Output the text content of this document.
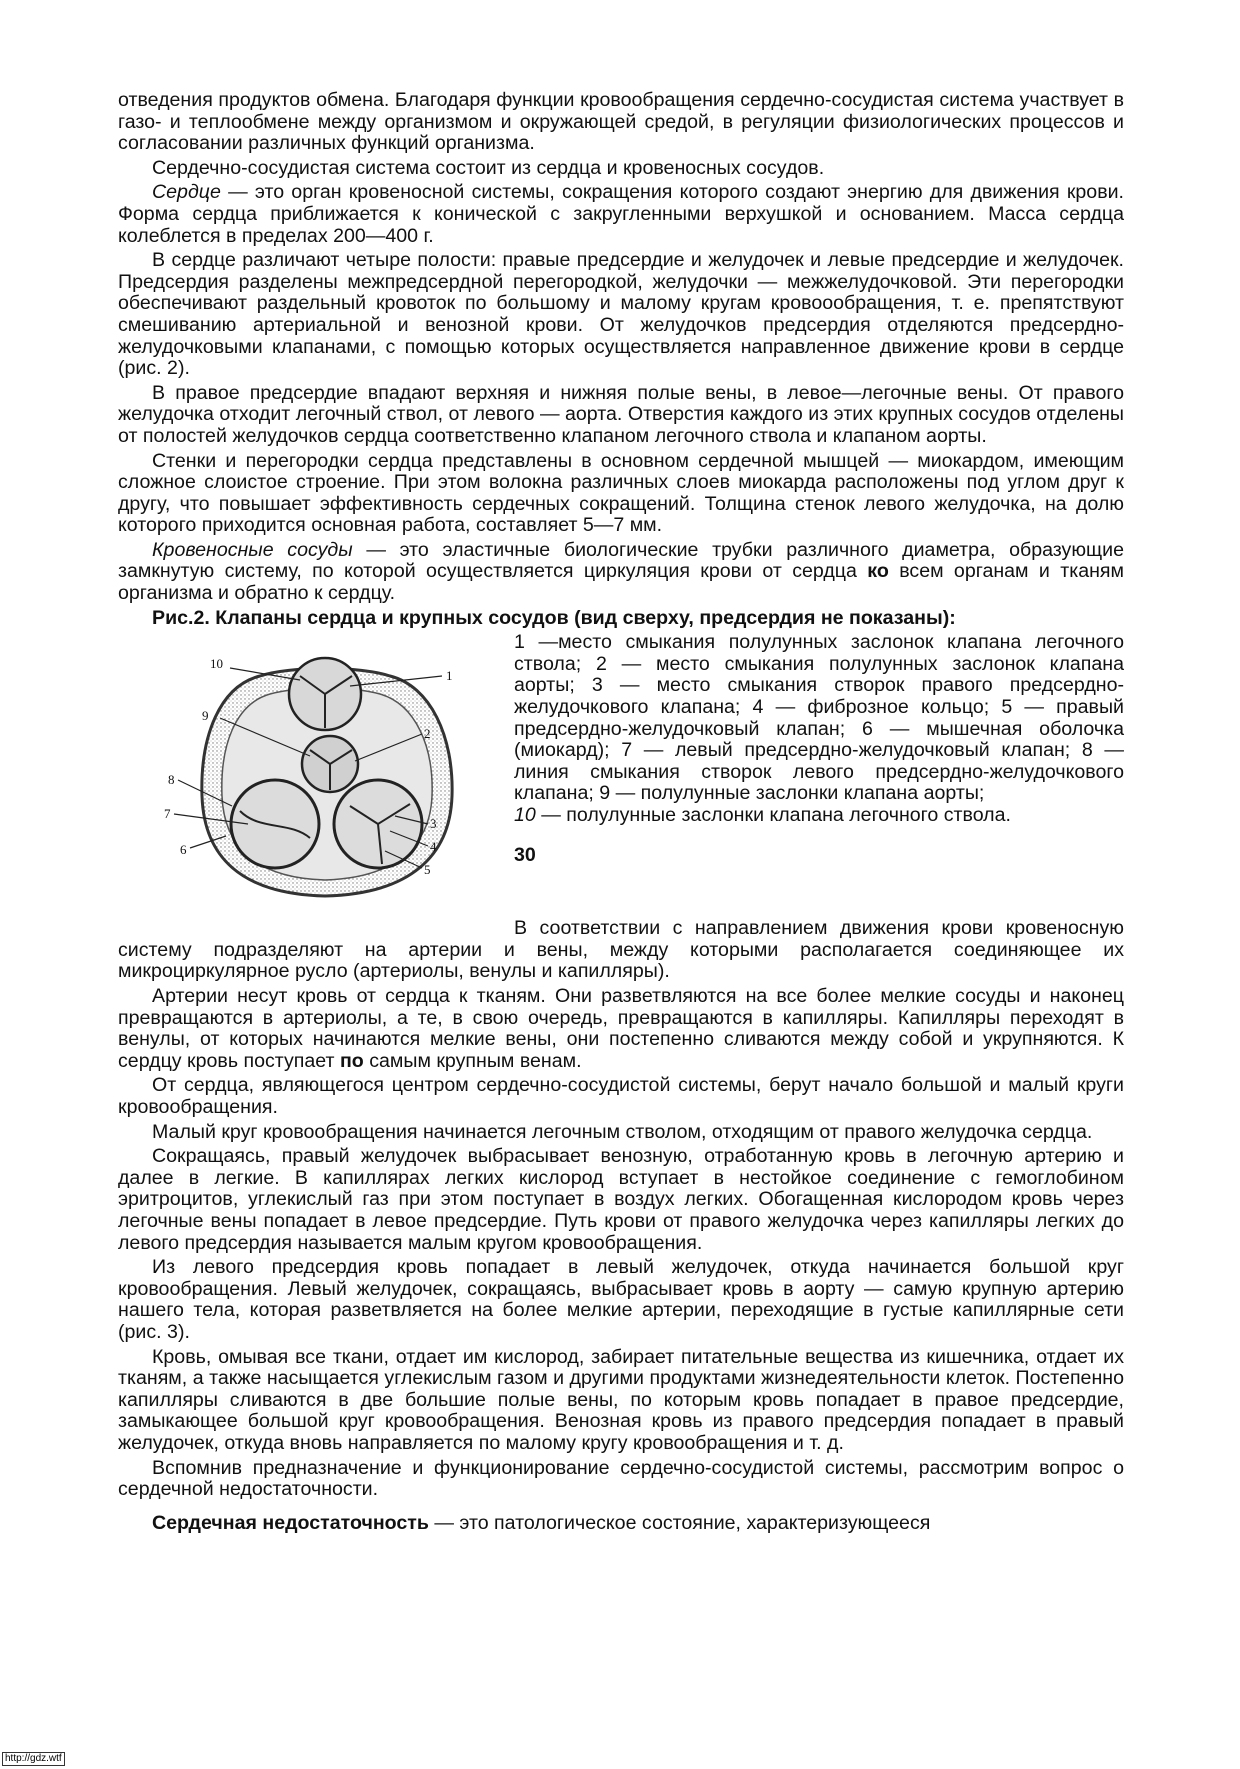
отведения продуктов обмена. Благодаря функции кровообращения сердечно-сосудистая система участвует в газо- и теплообмене между организмом и окружающей средой, в регуляции физиологических процессов и согласовании различных функций организма.

Сердечно-сосудистая система состоит из сердца и кровеносных сосудов.

Сердце — это орган кровеносной системы, сокращения которого создают энергию для движения крови. Форма сердца приближается к конической с закругленными верхушкой и основанием. Масса сердца колеблется в пределах 200—400 г.

В сердце различают четыре полости: правые предсердие и желудочек и левые предсердие и желудочек. Предсердия разделены межпредсердной перегородкой, желудочки — межжелудочковой. Эти перегородки обеспечивают раздельный кровоток по большому и малому кругам кровоообращения, т. е. препятствуют смешиванию артериальной и венозной крови. От желудочков предсердия отделяются предсердно-желудочковыми клапанами, с помощью которых осуществляется направленное движение крови в сердце (рис. 2).

В правое предсердие впадают верхняя и нижняя полые вены, в левое—легочные вены. От правого желудочка отходит легочный ствол, от левого — аорта. Отверстия каждого из этих крупных сосудов отделены от полостей желудочков сердца соответственно клапаном легочного ствола и клапаном аорты.

Стенки и перегородки сердца представлены в основном сердечной мышцей — миокардом, имеющим сложное слоистое строение. При этом волокна различных слоев миокарда расположены под углом друг к другу, что повышает эффективность сердечных сокращений. Толщина стенок левого желудочка, на долю которого приходится основная работа, составляет 5—7 мм.

Кровеносные сосуды — это эластичные биологические трубки различного диаметра, образующие замкнутую систему, по которой осуществляется циркуляция крови от сердца ко всем органам и тканям организма и обратно к сердцу.

Рис.2. Клапаны сердца и крупных сосудов (вид сверху, предсердия не показаны):

10
1
9
2
8
7
3
6	4
5

1 —место смыкания полулунных заслонок клапана легочного ствола; 2 — место смыкания полулунных заслонок клапана аорты; 3 — место смыкания створок правого предсердно-желудочкового клапана; 4 — фиброзное кольцо; 5 — правый предсердно-желудочковый клапан; 6 — мышечная оболочка (миокард); 7 — левый предсердно-желудочковый клапан; 8 — линия смыкания створок левого предсердно-желудочкового клапана; 9 — полулунные заслонки клапана аорты;

10 — полулунные заслонки клапана легочного ствола.

30

В соответствии с направлением движения крови кровеносную систему подразделяют на артерии и вены, между которыми располагается соединяющее их микроциркулярное русло (артериолы, венулы и капилляры).

Артерии несут кровь от сердца к тканям. Они разветвляются на все более мелкие сосуды и наконец превращаются в артериолы, а те, в свою очередь, превращаются в капилляры. Капилляры переходят в венулы, от которых начинаются мелкие вены, они постепенно сливаются между собой и укрупняются. К сердцу кровь поступает по самым крупным венам.

От сердца, являющегося центром сердечно-сосудистой системы, берут начало большой и малый круги кровообращения.

Малый круг кровообращения начинается легочным стволом, отходящим от правого желудочка сердца.

Сокращаясь, правый желудочек выбрасывает венозную, отработанную кровь в легочную артерию и далее в легкие. В капиллярах легких кислород вступает в нестойкое соединение с гемоглобином эритроцитов, углекислый газ при этом поступает в воздух легких. Обогащенная кислородом кровь через легочные вены попадает в левое предсердие. Путь крови от правого желудочка через капилляры легких до левого предсердия называется малым кругом кровообращения.

Из левого предсердия кровь попадает в левый желудочек, откуда начинается большой круг кровообращения. Левый желудочек, сокращаясь, выбрасывает кровь в аорту — самую крупную артерию нашего тела, которая разветвляется на более мелкие артерии, переходящие в густые капиллярные сети (рис. 3).

Кровь, омывая все ткани, отдает им кислород, забирает питательные вещества из кишечника, отдает их тканям, а также насыщается углекислым газом и другими продуктами жизнедеятельности клеток. Постепенно капилляры сливаются в две большие полые вены, по которым кровь попадает в правое предсердие, замыкающее большой круг кровообращения. Венозная кровь из правого предсердия попадает в правый желудочек, откуда вновь направляется по малому кругу кровообращения и т. д.

Вспомнив предназначение и функционирование сердечно-сосудистой системы, рассмотрим вопрос о сердечной недостаточности.

Сердечная недостаточность — это патологическое состояние, характеризующееся

http://gdz.wtf
